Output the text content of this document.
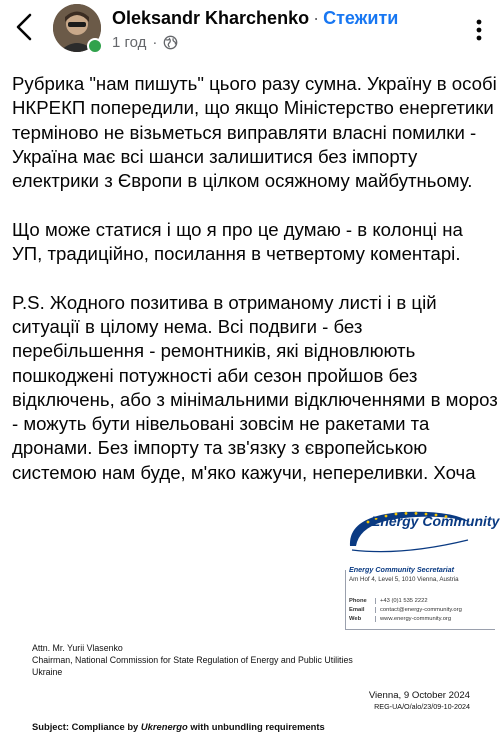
Oleksandr Kharchenko · Стежити
1 год ·

Рубрика "нам пишуть" цього разу сумна. Україну в особі НКРЕКП попередили, що якщо Міністерство енергетики терміново не візьметься виправляти власні помилки - Україна має всі шанси залишитися без імпорту електрики з Європи в цілком осяжному майбутньому.

Що може статися і що я про це думаю - в колонці на УП, традиційно, посилання в четвертому коментарі.

P.S. Жодного позитива в отриманому листі і в цій ситуації в цілому нема. Всі подвиги - без перебільшення - ремонтників, які відновлюють пошкоджені потужності аби сезон пройшов без відключень, або з мінімальними відключеннями в мороз - можуть бути нівельовані зовсім не ракетами та дронами. Без імпорту та зв'язку з європейською системою нам буде, м'яко кажучи, непереливки. Хоча

Energy Community
Energy Community Secretariat
Am Hof 4, Level 5, 1010 Vienna, Austria
Phone +43 (0)1 535 2222
Email	contact@energy-community.org
Web	www.energy-community.org
Attn. Mr. Yurii Vlasenko
Chairman, National Commission for State Regulation of Energy and Public Utilities
Ukraine
Vienna, 9 October 2024
REG-UA/O/alo/23/09-10-2024
Subject: Compliance by Ukrenergo with unbundling requirements
